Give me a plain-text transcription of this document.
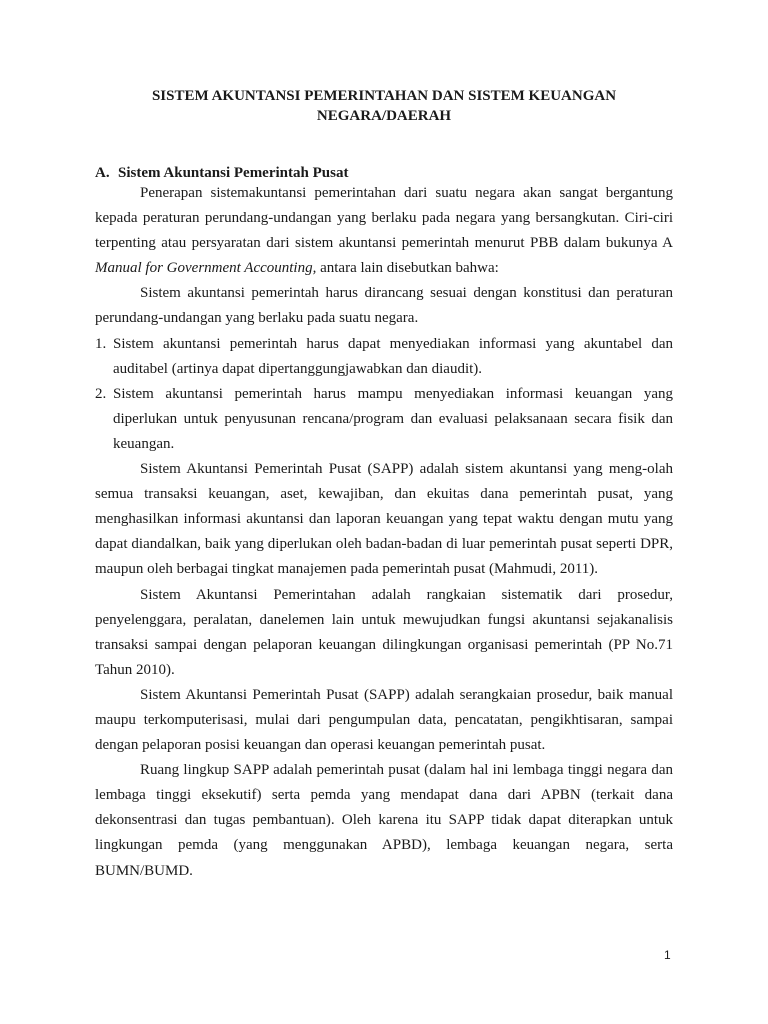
SISTEM AKUNTANSI PEMERINTAHAN DAN SISTEM KEUANGAN NEGARA/DAERAH
A. Sistem Akuntansi Pemerintah Pusat

Penerapan sistemakuntansi pemerintahan dari suatu negara akan sangat bergantung kepada peraturan perundang-undangan yang berlaku pada negara yang bersangkutan. Ciri-ciri terpenting atau persyaratan dari sistem akuntansi pemerintah menurut PBB dalam bukunya A Manual for Government Accounting, antara lain disebutkan bahwa:

Sistem akuntansi pemerintah harus dirancang sesuai dengan konstitusi dan peraturan perundang-undangan yang berlaku pada suatu negara.

1. Sistem akuntansi pemerintah harus dapat menyediakan informasi yang akuntabel dan auditabel (artinya dapat dipertanggungjawabkan dan diaudit).
2. Sistem akuntansi pemerintah harus mampu menyediakan informasi keuangan yang diperlukan untuk penyusunan rencana/program dan evaluasi pelaksanaan secara fisik dan keuangan.

Sistem Akuntansi Pemerintah Pusat (SAPP) adalah sistem akuntansi yang meng-olah semua transaksi keuangan, aset, kewajiban, dan ekuitas dana pemerintah pusat, yang menghasilkan informasi akuntansi dan laporan keuangan yang tepat waktu dengan mutu yang dapat diandalkan, baik yang diperlukan oleh badan-badan di luar pemerintah pusat seperti DPR, maupun oleh berbagai tingkat manajemen pada pemerintah pusat (Mahmudi, 2011).

Sistem Akuntansi Pemerintahan adalah rangkaian sistematik dari prosedur, penyelenggara, peralatan, danelemen lain untuk mewujudkan fungsi akuntansi sejakanalisis transaksi sampai dengan pelaporan keuangan dilingkungan organisasi pemerintah (PP No.71 Tahun 2010).

Sistem Akuntansi Pemerintah Pusat (SAPP) adalah serangkaian prosedur, baik manual maupu terkomputerisasi, mulai dari pengumpulan data, pencatatan, pengikhtisaran, sampai dengan pelaporan posisi keuangan dan operasi keuangan pemerintah pusat.

Ruang lingkup SAPP adalah pemerintah pusat (dalam hal ini lembaga tinggi negara dan lembaga tinggi eksekutif) serta pemda yang mendapat dana dari APBN (terkait dana dekonsentrasi dan tugas pembantuan). Oleh karena itu SAPP tidak dapat diterapkan untuk lingkungan pemda (yang menggunakan APBD), lembaga keuangan negara, serta BUMN/BUMD.

1
